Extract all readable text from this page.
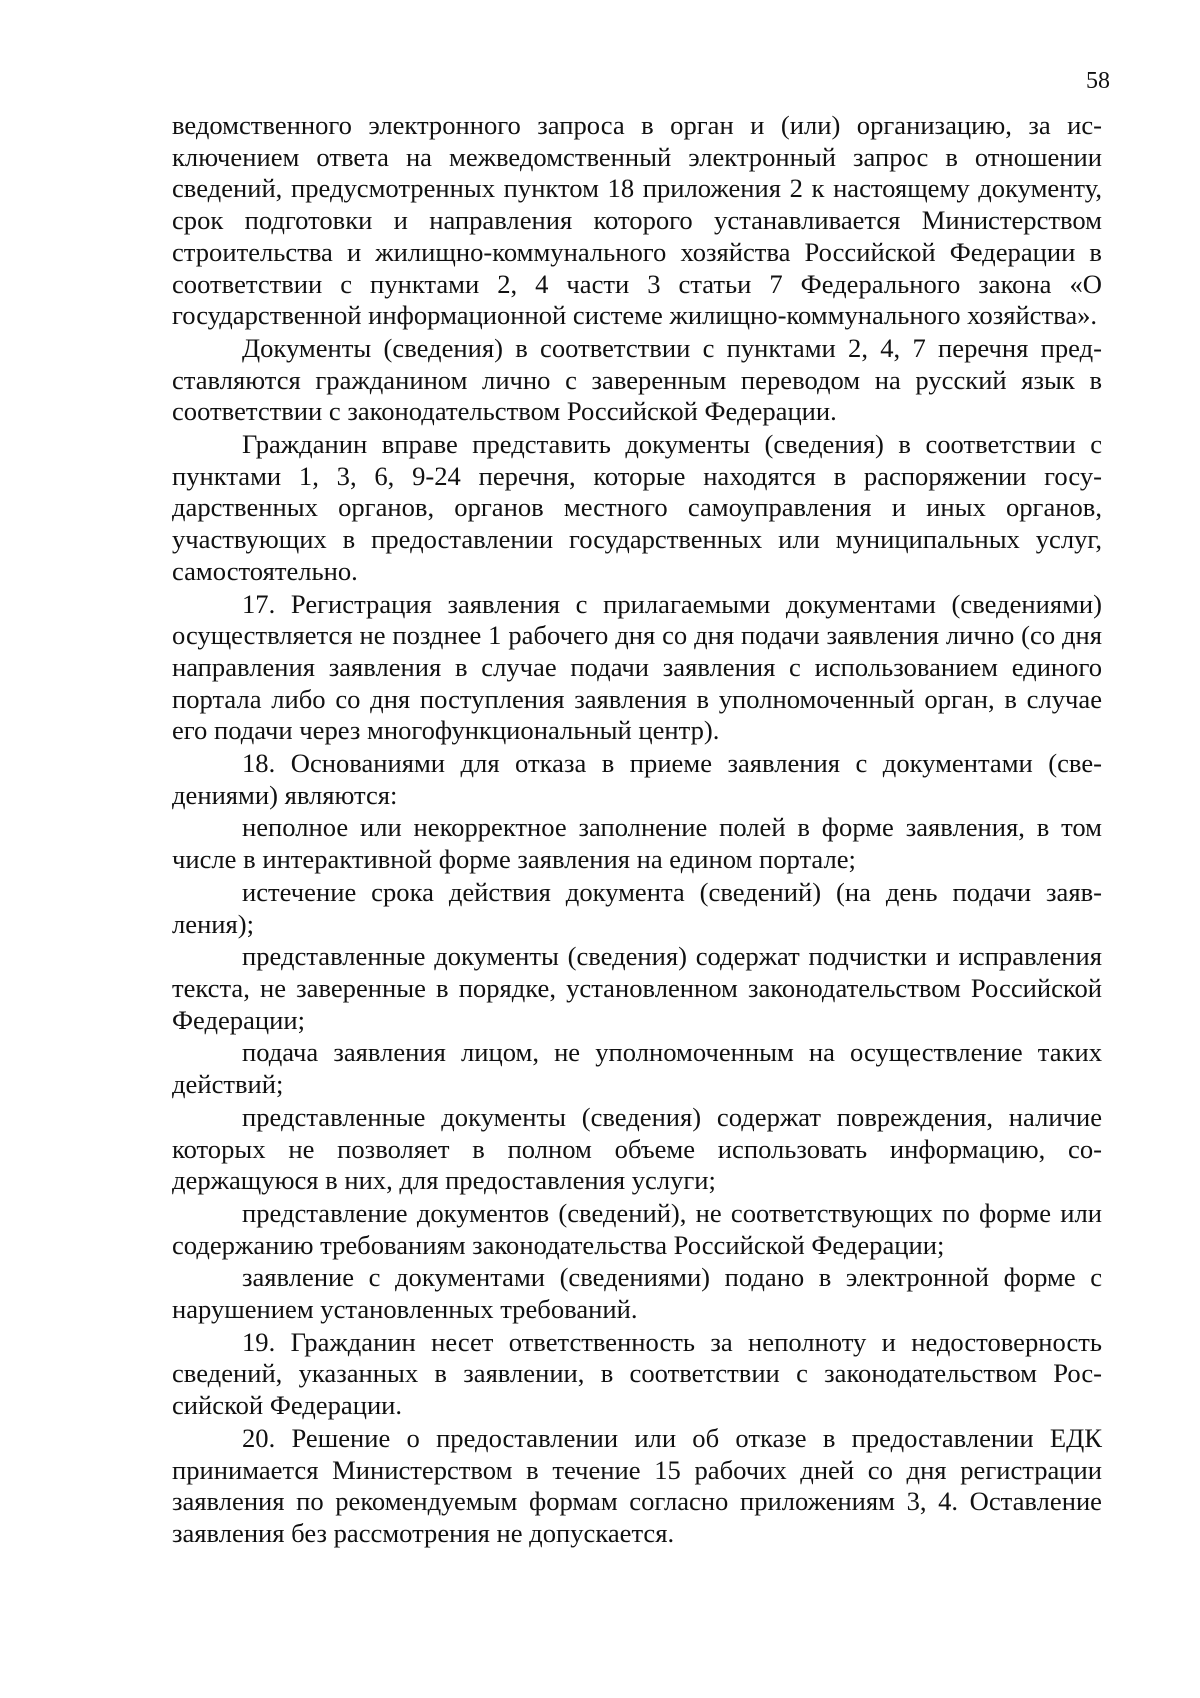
58

ведомственного электронного запроса в орган и (или) организацию, за исключением ответа на межведомственный электронный запрос в отношении сведений, предусмотренных пунктом 18 приложения 2 к настоящему документу, срок подготовки и направления которого устанавливается Министерством строительства и жилищно-коммунального хозяйства Российской Федерации в соответствии с пунктами 2, 4 части 3 статьи 7 Федерального закона «О государственной информационной системе жилищно-коммунального хозяйства».

Документы (сведения) в соответствии с пунктами 2, 4, 7 перечня представляются гражданином лично с заверенным переводом на русский язык в соответствии с законодательством Российской Федерации.

Гражданин вправе представить документы (сведения) в соответствии с пунктами 1, 3, 6, 9-24 перечня, которые находятся в распоряжении государственных органов, органов местного самоуправления и иных органов, участвующих в предоставлении государственных или муниципальных услуг, самостоятельно.

17. Регистрация заявления с прилагаемыми документами (сведениями) осуществляется не позднее 1 рабочего дня со дня подачи заявления лично (со дня направления заявления в случае подачи заявления с использованием единого портала либо со дня поступления заявления в уполномоченный орган, в случае его подачи через многофункциональный центр).

18. Основаниями для отказа в приеме заявления с документами (сведениями) являются:

неполное или некорректное заполнение полей в форме заявления, в том числе в интерактивной форме заявления на едином портале;

истечение срока действия документа (сведений) (на день подачи заявления);

представленные документы (сведения) содержат подчистки и исправления текста, не заверенные в порядке, установленном законодательством Российской Федерации;

подача заявления лицом, не уполномоченным на осуществление таких действий;

представленные документы (сведения) содержат повреждения, наличие которых не позволяет в полном объеме использовать информацию, содержащуюся в них, для предоставления услуги;

представление документов (сведений), не соответствующих по форме или содержанию требованиям законодательства Российской Федерации;

заявление с документами (сведениями) подано в электронной форме с нарушением установленных требований.

19. Гражданин несет ответственность за неполноту и недостоверность сведений, указанных в заявлении, в соответствии с законодательством Российской Федерации.

20. Решение о предоставлении или об отказе в предоставлении ЕДК принимается Министерством в течение 15 рабочих дней со дня регистрации заявления по рекомендуемым формам согласно приложениям 3, 4. Оставление заявления без рассмотрения не допускается.
